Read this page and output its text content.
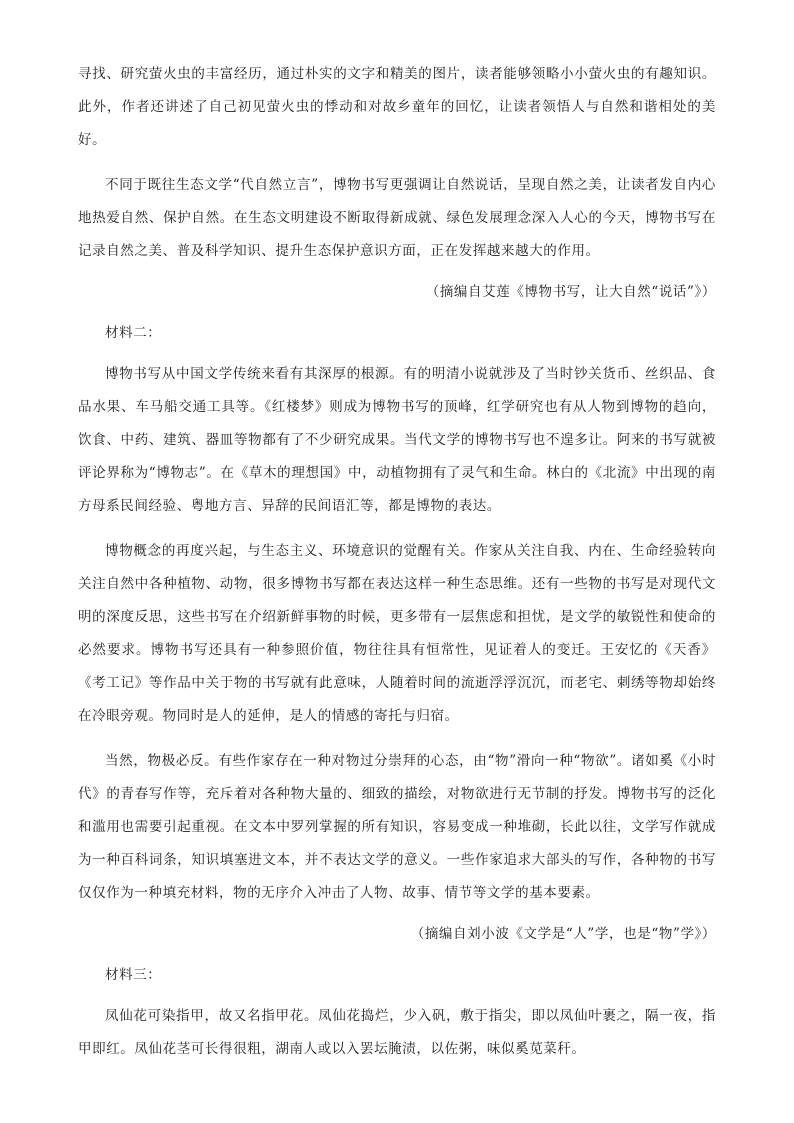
寻找、研究萤火虫的丰富经历，通过朴实的文字和精美的图片，读者能够领略小小萤火虫的有趣知识。此外，作者还讲述了自己初见萤火虫的悸动和对故乡童年的回忆，让读者领悟人与自然和谐相处的美好。

不同于既往生态文学“代自然立言”，博物书写更强调让自然说话，呈现自然之美，让读者发自内心地热爱自然、保护自然。在生态文明建设不断取得新成就、绿色发展理念深入人心的今天，博物书写在记录自然之美、普及科学知识、提升生态保护意识方面，正在发挥越来越大的作用。

（摘编自艾莲《博物书写，让大自然“说话”》）

材料二：

博物书写从中国文学传统来看有其深厚的根源。有的明清小说就涉及了当时钞关货币、丝织品、食品水果、车马船交通工具等。《红楼梦》则成为博物书写的顶峰，红学研究也有从人物到博物的趋向，饮食、中药、建筑、器皿等物都有了不少研究成果。当代文学的博物书写也不遑多让。阿来的书写就被评论界称为“博物志”。在《草木的理想国》中，动植物拥有了灵气和生命。林白的《北流》中出现的南方母系民间经验、粤地方言、异辞的民间语汇等，都是博物的表达。

博物概念的再度兴起，与生态主义、环境意识的觉醒有关。作家从关注自我、内在、生命经验转向关注自然中各种植物、动物，很多博物书写都在表达这样一种生态思维。还有一些物的书写是对现代文明的深度反思，这些书写在介绍新鲜事物的时候，更多带有一层焦虑和担忧，是文学的敏锐性和使命的必然要求。博物书写还具有一种参照价值，物往往具有恒常性，见证着人的变迁。王安忆的《天香》《考工记》等作品中关于物的书写就有此意味，人随着时间的流逝浮浮沉沉，而老宅、刺绣等物却始终在冷眼旁观。物同时是人的延伸，是人的情感的寄托与归宿。

当然，物极必反。有些作家存在一种对物过分崇拜的心态，由“物”滑向一种“物欲”。诸如奚《小时代》的青春写作等，充斥着对各种物大量的、细致的描绘，对物欲进行无节制的抒发。博物书写的泛化和滥用也需要引起重视。在文本中罗列掌握的所有知识，容易变成一种堆砌，长此以往，文学写作就成为一种百科词条，知识填塞进文本，并不表达文学的意义。一些作家追求大部头的写作，各种物的书写仅仅作为一种填充材料，物的无序介入冲击了人物、故事、情节等文学的基本要素。

（摘编自刘小波《文学是“人”学，也是“物”学》）

材料三：

凤仙花可染指甲，故又名指甲花。凤仙花捣烂，少入矾，敷于指尖，即以凤仙叶裹之，隔一夜，指甲即红。凤仙花茎可长得很粗，湖南人或以入罢坛腌渍，以佐粥，味似奚苋菜秆。
